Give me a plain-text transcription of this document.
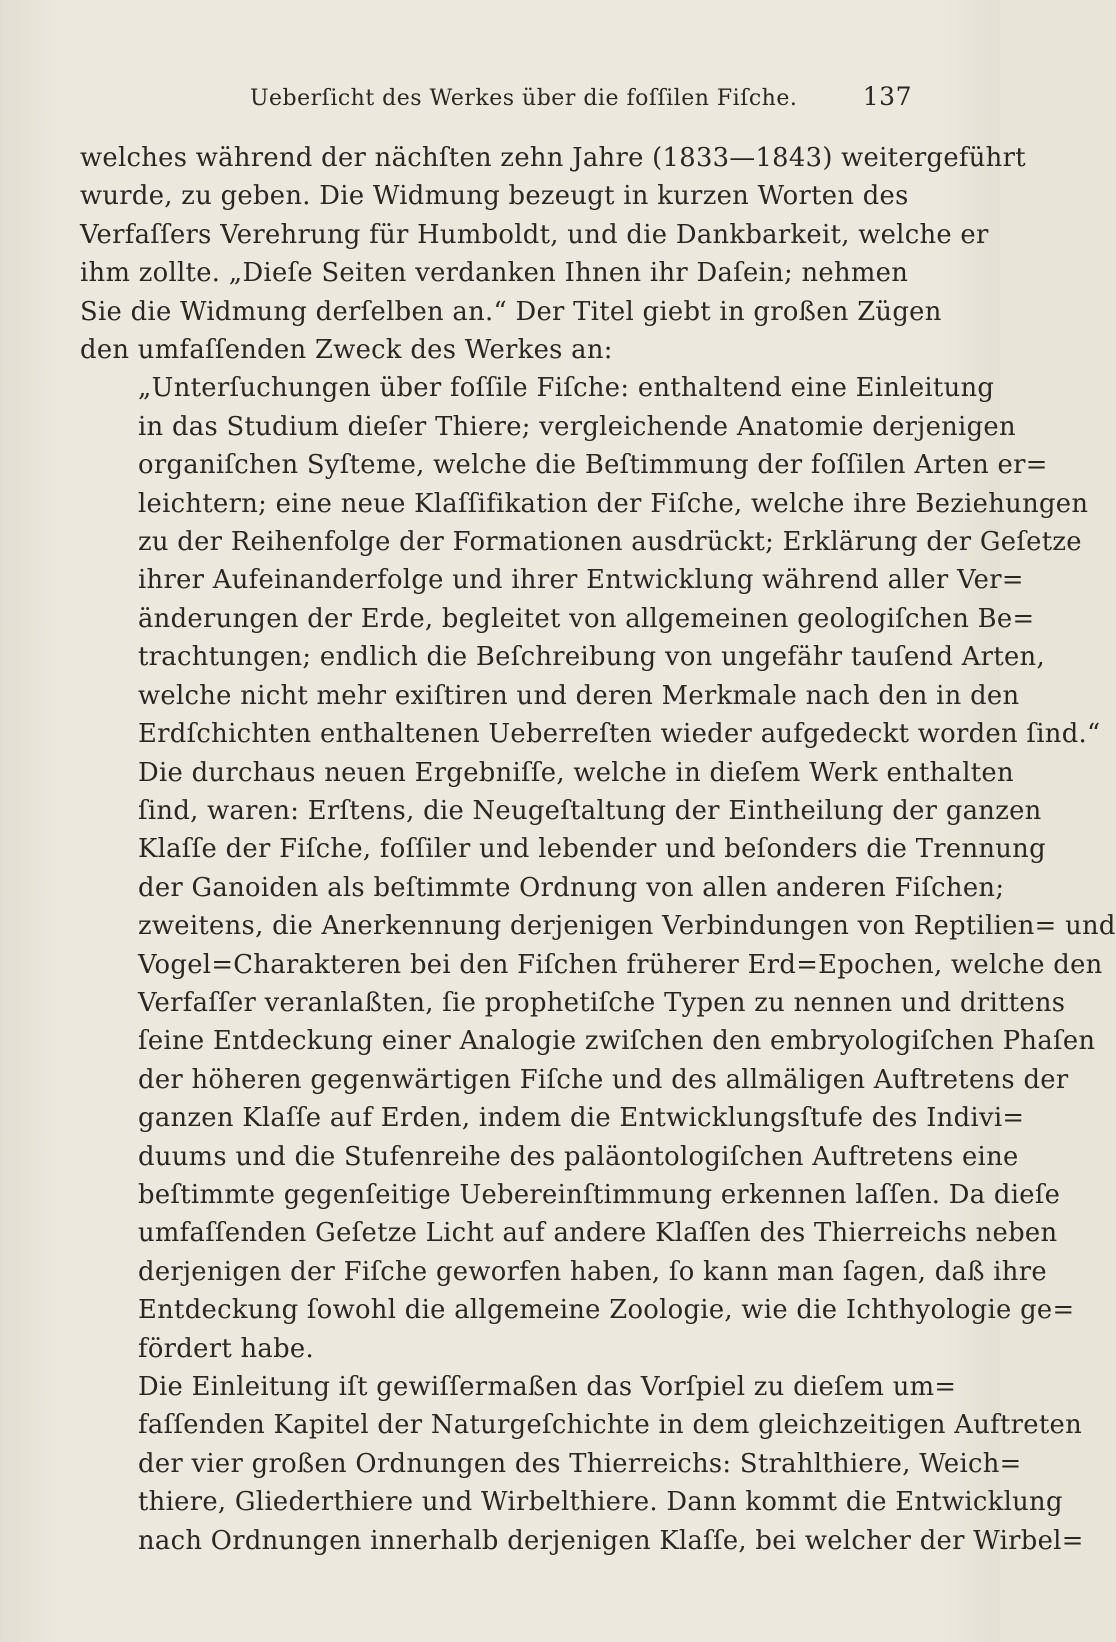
Ueberſicht des Werkes über die foſſilen Fiſche.	137

welches während der nächſten zehn Jahre (1833—1843) weitergeführt
wurde, zu geben. Die Widmung bezeugt in kurzen Worten des
Verfaſſers Verehrung für Humboldt, und die Dankbarkeit, welche er
ihm zollte. „Dieſe Seiten verdanken Ihnen ihr Daſein; nehmen
Sie die Widmung derſelben an.“ Der Titel giebt in großen Zügen
den umfaſſenden Zweck des Werkes an:

„Unterſuchungen über foſſile Fiſche: enthaltend eine Einleitung
in das Studium dieſer Thiere; vergleichende Anatomie derjenigen
organiſchen Syſteme, welche die Beſtimmung der foſſilen Arten er=
leichtern; eine neue Klaſſifikation der Fiſche, welche ihre Beziehungen
zu der Reihenfolge der Formationen ausdrückt; Erklärung der Geſetze
ihrer Aufeinanderfolge und ihrer Entwicklung während aller Ver=
änderungen der Erde, begleitet von allgemeinen geologiſchen Be=
trachtungen; endlich die Beſchreibung von ungefähr tauſend Arten,
welche nicht mehr exiſtiren und deren Merkmale nach den in den
Erdſchichten enthaltenen Ueberreſten wieder aufgedeckt worden ſind.“

Die durchaus neuen Ergebniſſe, welche in dieſem Werk enthalten
ſind, waren: Erſtens, die Neugeſtaltung der Eintheilung der ganzen
Klaſſe der Fiſche, foſſiler und lebender und beſonders die Trennung
der Ganoiden als beſtimmte Ordnung von allen anderen Fiſchen;
zweitens, die Anerkennung derjenigen Verbindungen von Reptilien= und
Vogel=Charakteren bei den Fiſchen früherer Erd=Epochen, welche den
Verfaſſer veranlaßten, ſie prophetiſche Typen zu nennen und drittens
ſeine Entdeckung einer Analogie zwiſchen den embryologiſchen Phaſen
der höheren gegenwärtigen Fiſche und des allmäligen Auftretens der
ganzen Klaſſe auf Erden, indem die Entwicklungsſtufe des Indivi=
duums und die Stufenreihe des paläontologiſchen Auftretens eine
beſtimmte gegenſeitige Uebereinſtimmung erkennen laſſen. Da dieſe
umfaſſenden Geſetze Licht auf andere Klaſſen des Thierreichs neben
derjenigen der Fiſche geworfen haben, ſo kann man ſagen, daß ihre
Entdeckung ſowohl die allgemeine Zoologie, wie die Ichthyologie ge=
fördert habe.

Die Einleitung iſt gewiſſermaßen das Vorſpiel zu dieſem um=
faſſenden Kapitel der Naturgeſchichte in dem gleichzeitigen Auftreten
der vier großen Ordnungen des Thierreichs: Strahlthiere, Weich=
thiere, Gliederthiere und Wirbelthiere. Dann kommt die Entwicklung
nach Ordnungen innerhalb derjenigen Klaſſe, bei welcher der Wirbel=
